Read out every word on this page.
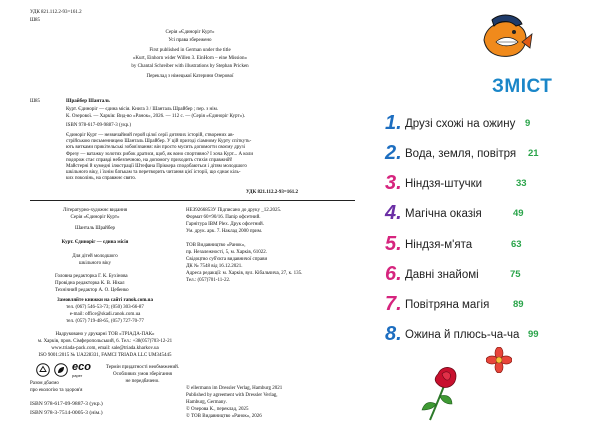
УДК 821.112.2-93=161.2
Ш85
Серія «Єдиноріг Курт»
Усі права збережено
First published in German under the title
«Kurt, Einhorn wider Willen 3. EinHorn – eine Mission»
by Chantal Schreiber with illustrations by Stephan Pricken
Переклад з німецької Катерини Озерової
Ш85	Шрайбер Шанталь
Курт. Єдиноріг — єдина місія. Книга 3 / Шанталь Шрайбер ; пер. з нім.
К. Озерової. — Харків: Вид-во «Ранок», 2026. — 112 с. — (Серія «Єдиноріг Курт»).
ISBN 978-617-09-9887-3 (укр.)
Єдиноріг Курт — незвичайний герой цілої серії дитячих історій, створених ав-
стрійською письменницею Шанталь Шрайбер. У цій пригоді сіамному Курту спіткуть-
ють витками прикітельські зобов'язання: він просто мусить допомогти своєму друзі
Фрезу — ватажку золотих рибок дратися, щоб, як воно спортивно? І хоча Курт... А коли
подорож стає справді небезпечною, на допомогу приходить стихія справжній!
Майстерні й кумедні ілюстрації Штефана Пріккера сподобаються і дітям молодшого
шкільного віку, і їхнім батькам та перетворить читання цієї історії, що єднає кіль-
ких поколінь, на справжнє свято.
УДК 821.112.2-93=161.2
Літературно-художнє видання
Серія «Єдиноріг Курт»
Шанталь Шрайбер
Курт. Єдиноріг — єдина місія
Для дітей молодшого
шкільного віку
Головна редакторка Г. К. Бухінова
Провідна редакторка К. В. Нікал
Технічний редактор А. О. Цебенко
Замовляйте книжки на сайті ranok.com.ua
тел. (067) 546-53-73; (050) 303-66-87
e-mail: office@skadi.ranok.com.ua
тел. (057) 719-48-65, (057) 727-70-77
Надруковано у друкарні ТОВ «ТРІАДА-ПАК»
м. Харків, пров. Сімферопольський, 6. Тел.: +38(057)703-12-21
www.triada-pack.com, email: sale@triada.kharkov.ua
ISO 9001:2015 № UA228331, FAMCI TRIADA LLC UM345445
eco
paper
Разом дбаємо
про екологію та здоров'я
Термін придатності необмежений.
Особливих умов зберігання
не передбачено.
ISBN 978-617-09-9887-3 (укр.)
ISBN 978-3-7514-0005-3 (нім.)
НЕЗ9266853У Підписано до друку _12.2025.
Формат 60×90/16. Папір офсетний.
Гарнітура IBM Plex. Друк офсетний.
Ум. друк. арк. 7. Наклад 2000 прим.
ТОВ Видавництво «Ранок»,
пр. Незалежності, 5, м. Харків, 61022.
Свідоцтво суб'єкта видавничої справи
ДК № 7548 від 16.12.2021.
Адреса редакції: м. Харків, вул. Кібальчича, 27, к. 135.
Тел.: (057)701-11-22.
© ellermann im Dressler Verlag, Hamburg 2021
Published by agreement with Dressler Verlag,
Hamburg, Germany.
© Озерова К., переклад, 2025
© ТОВ Видавництво «Ранок», 2026
ЗМІСТ
1. Друзі схожі на ожину 9
2. Вода, земля, повітря 21
3. Ніндзя-штучки	33
4. Магічна оказія	49
5. Ніндзя-м'ята	63
6. Давні знайомі	75
7. Повітряна магія 89
8. Ожина й плюсь-ча-ча 99
